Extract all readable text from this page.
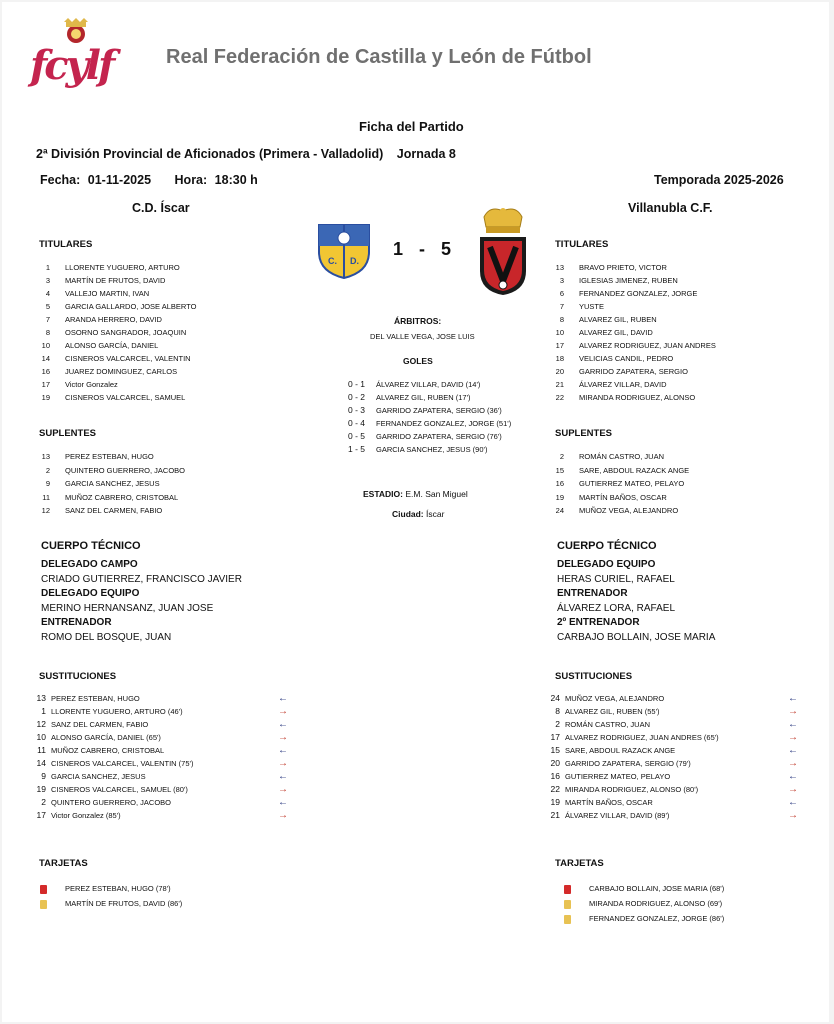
fcylf	Real Federación de Castilla y León de Fútbol
Ficha del Partido
2ª División Provincial de Aficionados (Primera - Valladolid) Jornada 8
Fecha: 01-11-2025 Hora: 18:30 h	Temporada 2025-2026
C.D. Íscar	Villanubla C.F.
C. D.
1 - 5
TITULARES
1 LLORENTE YUGUERO, ARTURO
3 MARTÍN DE FRUTOS, DAVID
4 VALLEJO MARTIN, IVAN
5 GARCIA GALLARDO, JOSE ALBERTO
7 ARANDA HERRERO, DAVID
8 OSORNO SANGRADOR, JOAQUIN
10 ALONSO GARCÍA, DANIEL
14 CISNEROS VALCARCEL, VALENTIN
16 JUAREZ DOMINGUEZ, CARLOS
17 Victor Gonzalez
19 CISNEROS VALCARCEL, SAMUEL
SUPLENTES
13 PEREZ ESTEBAN, HUGO
2 QUINTERO GUERRERO, JACOBO
9 GARCIA SANCHEZ, JESUS
11 MUÑOZ CABRERO, CRISTOBAL
12 SANZ DEL CARMEN, FABIO
TITULARES
13 BRAVO PRIETO, VICTOR
3 IGLESIAS JIMENEZ, RUBEN
6 FERNANDEZ GONZALEZ, JORGE
7 YUSTE
8 ALVAREZ GIL, RUBEN
10 ALVAREZ GIL, DAVID
17 ALVAREZ RODRIGUEZ, JUAN ANDRES
18 VELICIAS CANDIL, PEDRO
20 GARRIDO ZAPATERA, SERGIO
21 ÁLVAREZ VILLAR, DAVID
22 MIRANDA RODRIGUEZ, ALONSO
SUPLENTES
2 ROMÁN CASTRO, JUAN
15 SARE, ABDOUL RAZACK ANGE
16 GUTIERREZ MATEO, PELAYO
19 MARTÍN BAÑOS, OSCAR
24 MUÑOZ VEGA, ALEJANDRO
ÁRBITROS:
DEL VALLE VEGA, JOSE LUIS
GOLES
0 - 1 ÁLVAREZ VILLAR, DAVID (14')
0 - 2 ALVAREZ GIL, RUBEN (17')
0 - 3 GARRIDO ZAPATERA, SERGIO (36')
0 - 4 FERNANDEZ GONZALEZ, JORGE (51')
0 - 5 GARRIDO ZAPATERA, SERGIO (76')
1 - 5 GARCIA SANCHEZ, JESUS (90')
ESTADIO: E.M. San Miguel
Ciudad: Íscar
CUERPO TÉCNICO
DELEGADO CAMPO
CRIADO GUTIERREZ, FRANCISCO JAVIER
DELEGADO EQUIPO
MERINO HERNANSANZ, JUAN JOSE
ENTRENADOR
ROMO DEL BOSQUE, JUAN
CUERPO TÉCNICO
DELEGADO EQUIPO
HERAS CURIEL, RAFAEL
ENTRENADOR
ÁLVAREZ LORA, RAFAEL
2º ENTRENADOR
CARBAJO BOLLAIN, JOSE MARIA
SUSTITUCIONES
13 PEREZ ESTEBAN, HUGO	←
1 LLORENTE YUGUERO, ARTURO (46')	→
12 SANZ DEL CARMEN, FABIO	←
10 ALONSO GARCÍA, DANIEL (65')	→
11 MUÑOZ CABRERO, CRISTOBAL	←
14 CISNEROS VALCARCEL, VALENTIN (75')	→
9 GARCIA SANCHEZ, JESUS	←
19 CISNEROS VALCARCEL, SAMUEL (80')	→
2 QUINTERO GUERRERO, JACOBO	←
17 Victor Gonzalez (85')	→
SUSTITUCIONES
24 MUÑOZ VEGA, ALEJANDRO	←
8 ALVAREZ GIL, RUBEN (55')	→
2 ROMÁN CASTRO, JUAN	←
17 ALVAREZ RODRIGUEZ, JUAN ANDRES (65')	→
15 SARE, ABDOUL RAZACK ANGE	←
20 GARRIDO ZAPATERA, SERGIO (79')	→
16 GUTIERREZ MATEO, PELAYO	←
22 MIRANDA RODRIGUEZ, ALONSO (80')	→
19 MARTÍN BAÑOS, OSCAR	←
21 ÁLVAREZ VILLAR, DAVID (89')	→
TARJETAS
PEREZ ESTEBAN, HUGO (78')
MARTÍN DE FRUTOS, DAVID (86')
TARJETAS
CARBAJO BOLLAIN, JOSE MARIA (68')
MIRANDA RODRIGUEZ, ALONSO (69')
FERNANDEZ GONZALEZ, JORGE (86')
